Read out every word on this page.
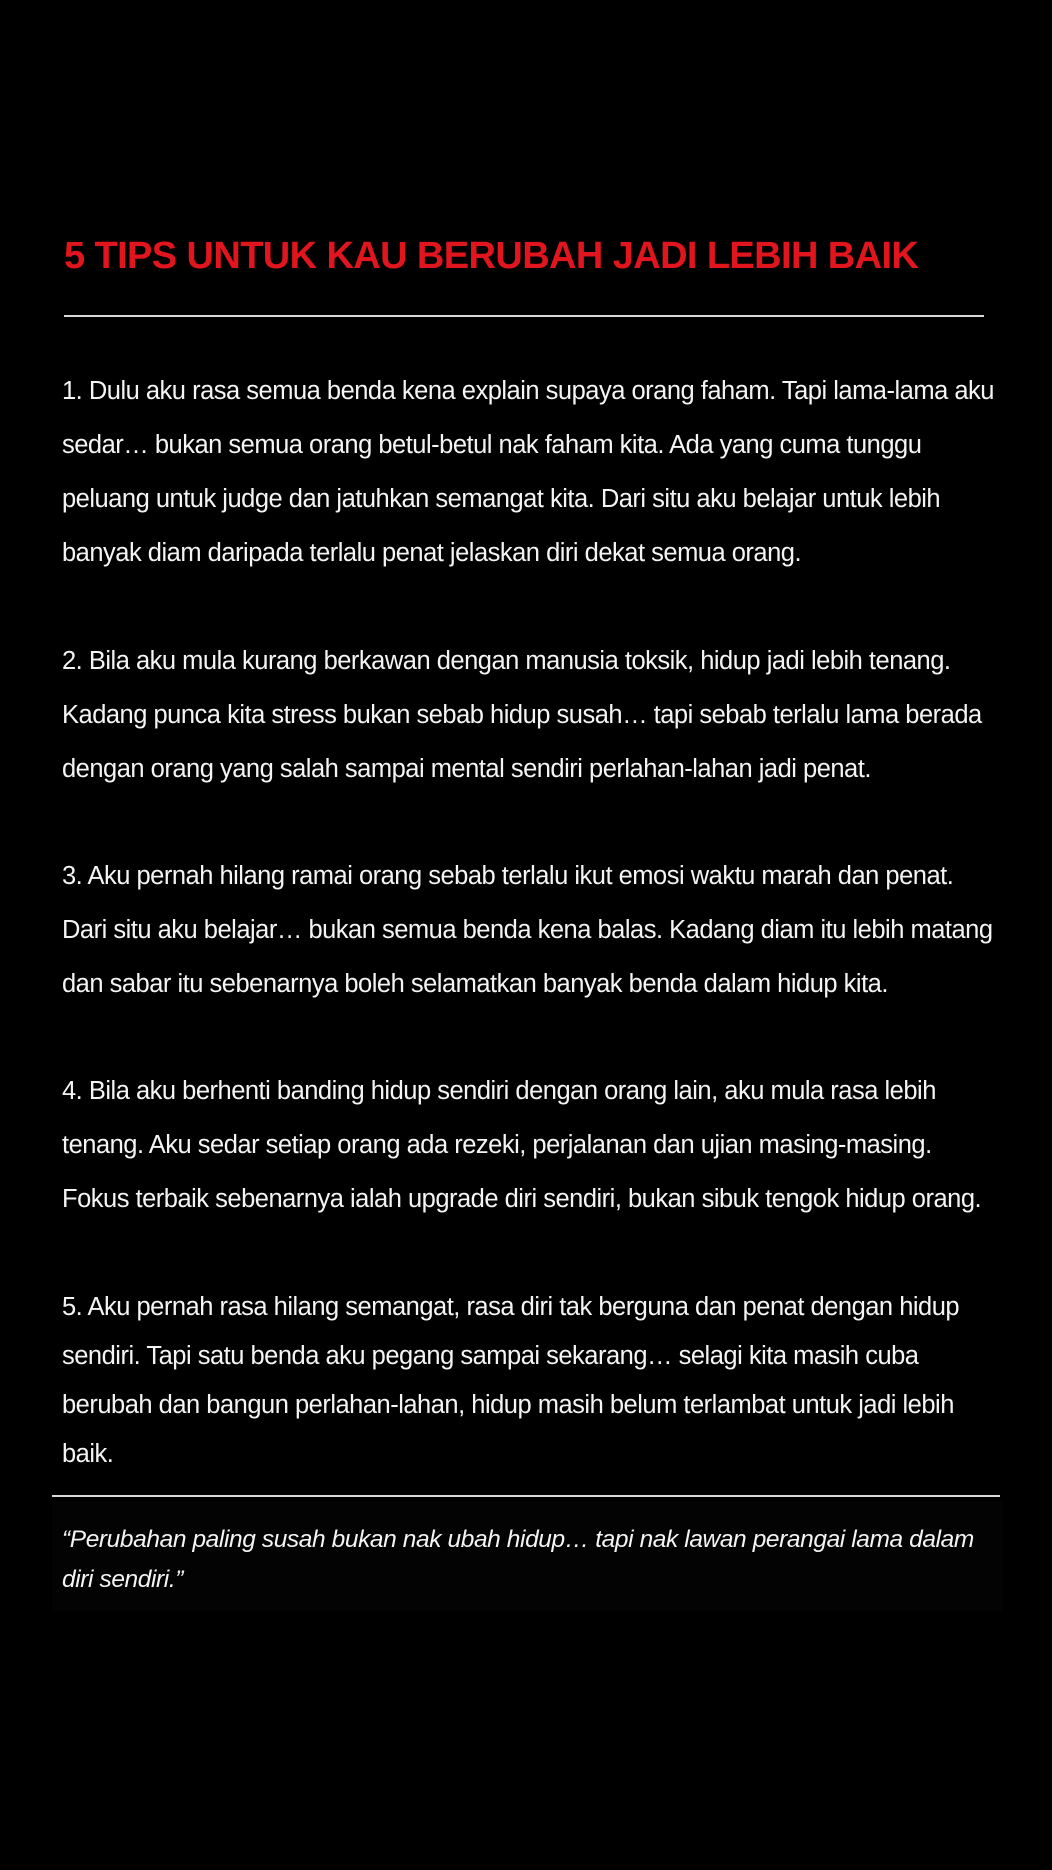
5 TIPS UNTUK KAU BERUBAH JADI LEBIH BAIK

1. Dulu aku rasa semua benda kena explain supaya orang faham. Tapi lama-lama aku sedar… bukan semua orang betul-betul nak faham kita. Ada yang cuma tunggu peluang untuk judge dan jatuhkan semangat kita. Dari situ aku belajar untuk lebih banyak diam daripada terlalu penat jelaskan diri dekat semua orang.

2. Bila aku mula kurang berkawan dengan manusia toksik, hidup jadi lebih tenang. Kadang punca kita stress bukan sebab hidup susah… tapi sebab terlalu lama berada dengan orang yang salah sampai mental sendiri perlahan-lahan jadi penat.

3. Aku pernah hilang ramai orang sebab terlalu ikut emosi waktu marah dan penat. Dari situ aku belajar… bukan semua benda kena balas. Kadang diam itu lebih matang dan sabar itu sebenarnya boleh selamatkan banyak benda dalam hidup kita.

4. Bila aku berhenti banding hidup sendiri dengan orang lain, aku mula rasa lebih tenang. Aku sedar setiap orang ada rezeki, perjalanan dan ujian masing-masing. Fokus terbaik sebenarnya ialah upgrade diri sendiri, bukan sibuk tengok hidup orang.

5. Aku pernah rasa hilang semangat, rasa diri tak berguna dan penat dengan hidup sendiri. Tapi satu benda aku pegang sampai sekarang… selagi kita masih cuba berubah dan bangun perlahan-lahan, hidup masih belum terlambat untuk jadi lebih baik.

“Perubahan paling susah bukan nak ubah hidup… tapi nak lawan perangai lama dalam diri sendiri.”
